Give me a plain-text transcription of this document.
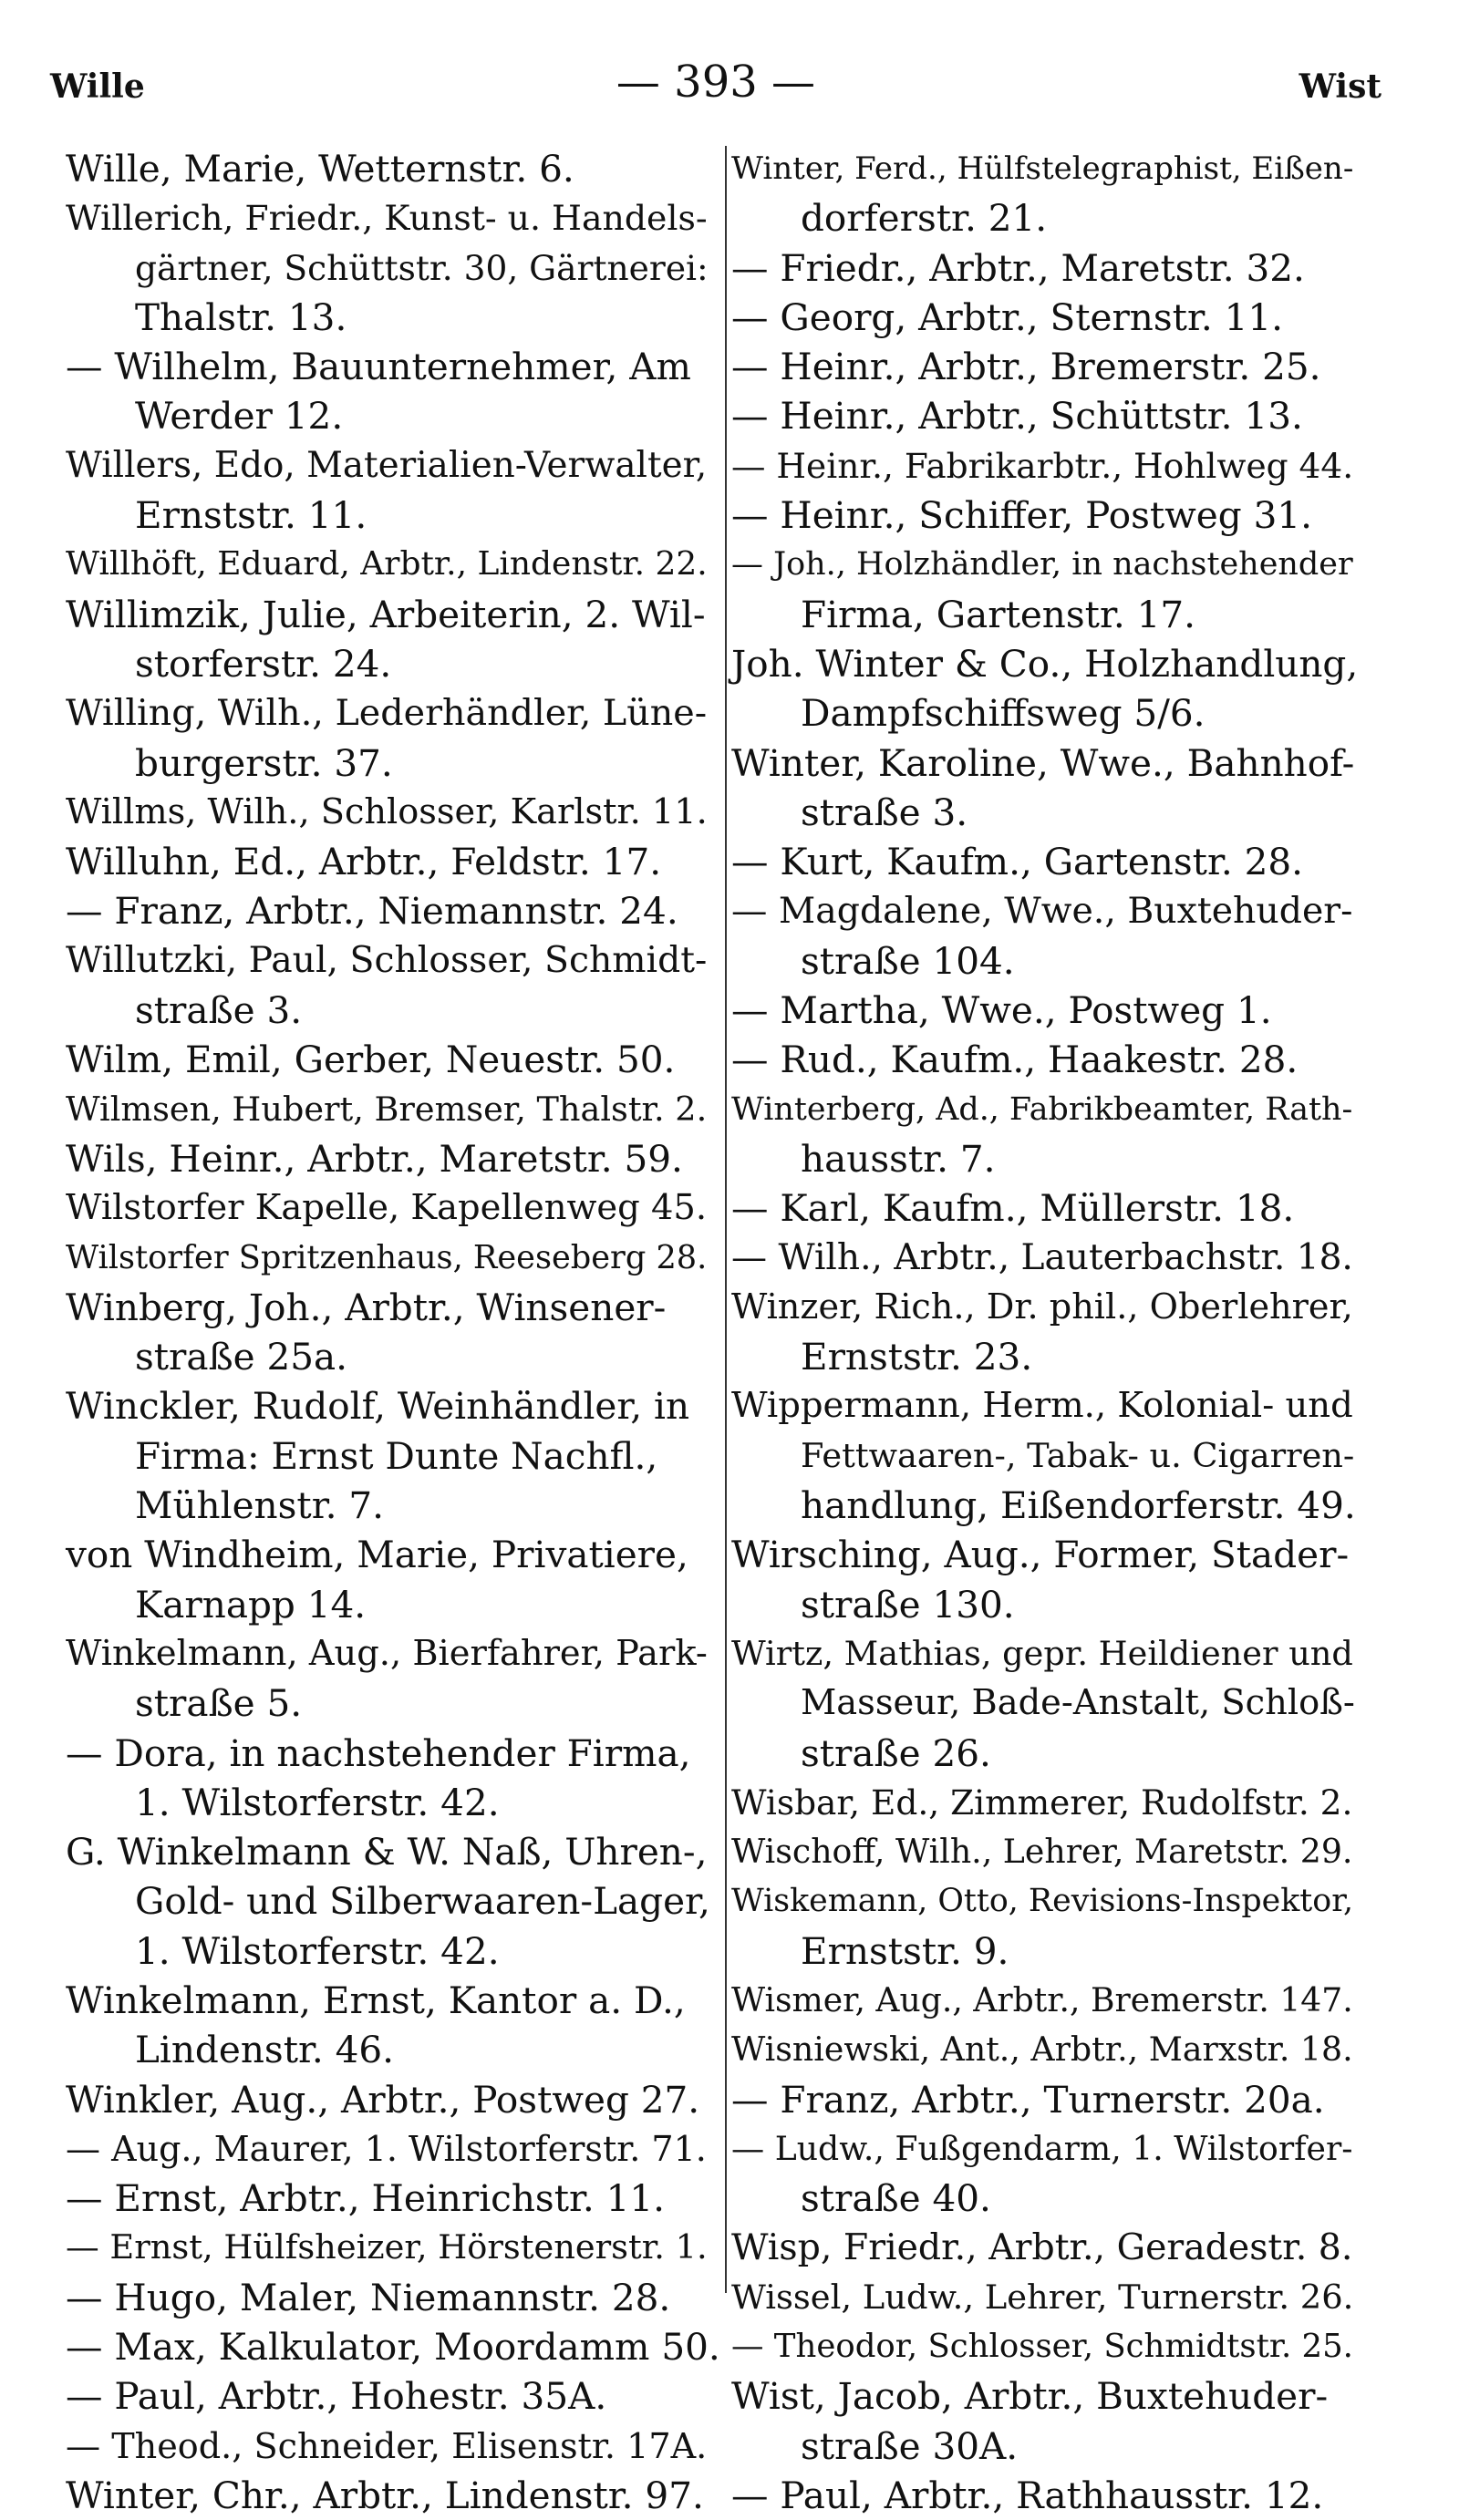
Wille	— 393 —	Wist
Wille, Marie, Wetternstr. 6.
Willerich, Friedr., Kunst- u. Handels-
gärtner, Schüttstr. 30, Gärtnerei:
Thalstr. 13.
— Wilhelm, Bauunternehmer, Am
Werder 12.
Willers, Edo, Materialien-Verwalter,
Ernststr. 11.
Willhöft, Eduard, Arbtr., Lindenstr. 22.
Willimzik, Julie, Arbeiterin, 2. Wil-
storferstr. 24.
Willing, Wilh., Lederhändler, Lüne-
burgerstr. 37.
Willms, Wilh., Schlosser, Karlstr. 11.
Willuhn, Ed., Arbtr., Feldstr. 17.
— Franz, Arbtr., Niemannstr. 24.
Willutzki, Paul, Schlosser, Schmidt-
straße 3.
Wilm, Emil, Gerber, Neuestr. 50.
Wilmsen, Hubert, Bremser, Thalstr. 2.
Wils, Heinr., Arbtr., Maretstr. 59.
Wilstorfer Kapelle, Kapellenweg 45.
Wilstorfer Spritzenhaus, Reeseberg 28.
Winberg, Joh., Arbtr., Winsener-
straße 25a.
Winckler, Rudolf, Weinhändler, in
Firma: Ernst Dunte Nachfl.,
Mühlenstr. 7.
von Windheim, Marie, Privatiere,
Karnapp 14.
Winkelmann, Aug., Bierfahrer, Park-
straße 5.
— Dora, in nachstehender Firma,
1. Wilstorferstr. 42.
G. Winkelmann & W. Naß, Uhren-,
Gold- und Silberwaaren-Lager,
1. Wilstorferstr. 42.
Winkelmann, Ernst, Kantor a. D.,
Lindenstr. 46.
Winkler, Aug., Arbtr., Postweg 27.
— Aug., Maurer, 1. Wilstorferstr. 71.
— Ernst, Arbtr., Heinrichstr. 11.
— Ernst, Hülfsheizer, Hörstenerstr. 1.
— Hugo, Maler, Niemannstr. 28.
— Max, Kalkulator, Moordamm 50.
— Paul, Arbtr., Hohestr. 35A.
— Theod., Schneider, Elisenstr. 17A.
Winter, Chr., Arbtr., Lindenstr. 97.
Winter, Ferd., Hülfstelegraphist, Eißen-
dorferstr. 21.
— Friedr., Arbtr., Maretstr. 32.
— Georg, Arbtr., Sternstr. 11.
— Heinr., Arbtr., Bremerstr. 25.
— Heinr., Arbtr., Schüttstr. 13.
— Heinr., Fabrikarbtr., Hohlweg 44.
— Heinr., Schiffer, Postweg 31.
— Joh., Holzhändler, in nachstehender
Firma, Gartenstr. 17.
Joh. Winter & Co., Holzhandlung,
Dampfschiffsweg 5/6.
Winter, Karoline, Wwe., Bahnhof-
straße 3.
— Kurt, Kaufm., Gartenstr. 28.
— Magdalene, Wwe., Buxtehuder-
straße 104.
— Martha, Wwe., Postweg 1.
— Rud., Kaufm., Haakestr. 28.
Winterberg, Ad., Fabrikbeamter, Rath-
hausstr. 7.
— Karl, Kaufm., Müllerstr. 18.
— Wilh., Arbtr., Lauterbachstr. 18.
Winzer, Rich., Dr. phil., Oberlehrer,
Ernststr. 23.
Wippermann, Herm., Kolonial- und
Fettwaaren-, Tabak- u. Cigarren-
handlung, Eißendorferstr. 49.
Wirsching, Aug., Former, Stader-
straße 130.
Wirtz, Mathias, gepr. Heildiener und
Masseur, Bade-Anstalt, Schloß-
straße 26.
Wisbar, Ed., Zimmerer, Rudolfstr. 2.
Wischoff, Wilh., Lehrer, Maretstr. 29.
Wiskemann, Otto, Revisions-Inspektor,
Ernststr. 9.
Wismer, Aug., Arbtr., Bremerstr. 147.
Wisniewski, Ant., Arbtr., Marxstr. 18.
— Franz, Arbtr., Turnerstr. 20a.
— Ludw., Fußgendarm, 1. Wilstorfer-
straße 40.
Wisp, Friedr., Arbtr., Geradestr. 8.
Wissel, Ludw., Lehrer, Turnerstr. 26.
— Theodor, Schlosser, Schmidtstr. 25.
Wist, Jacob, Arbtr., Buxtehuder-
straße 30A.
— Paul, Arbtr., Rathhausstr. 12.
